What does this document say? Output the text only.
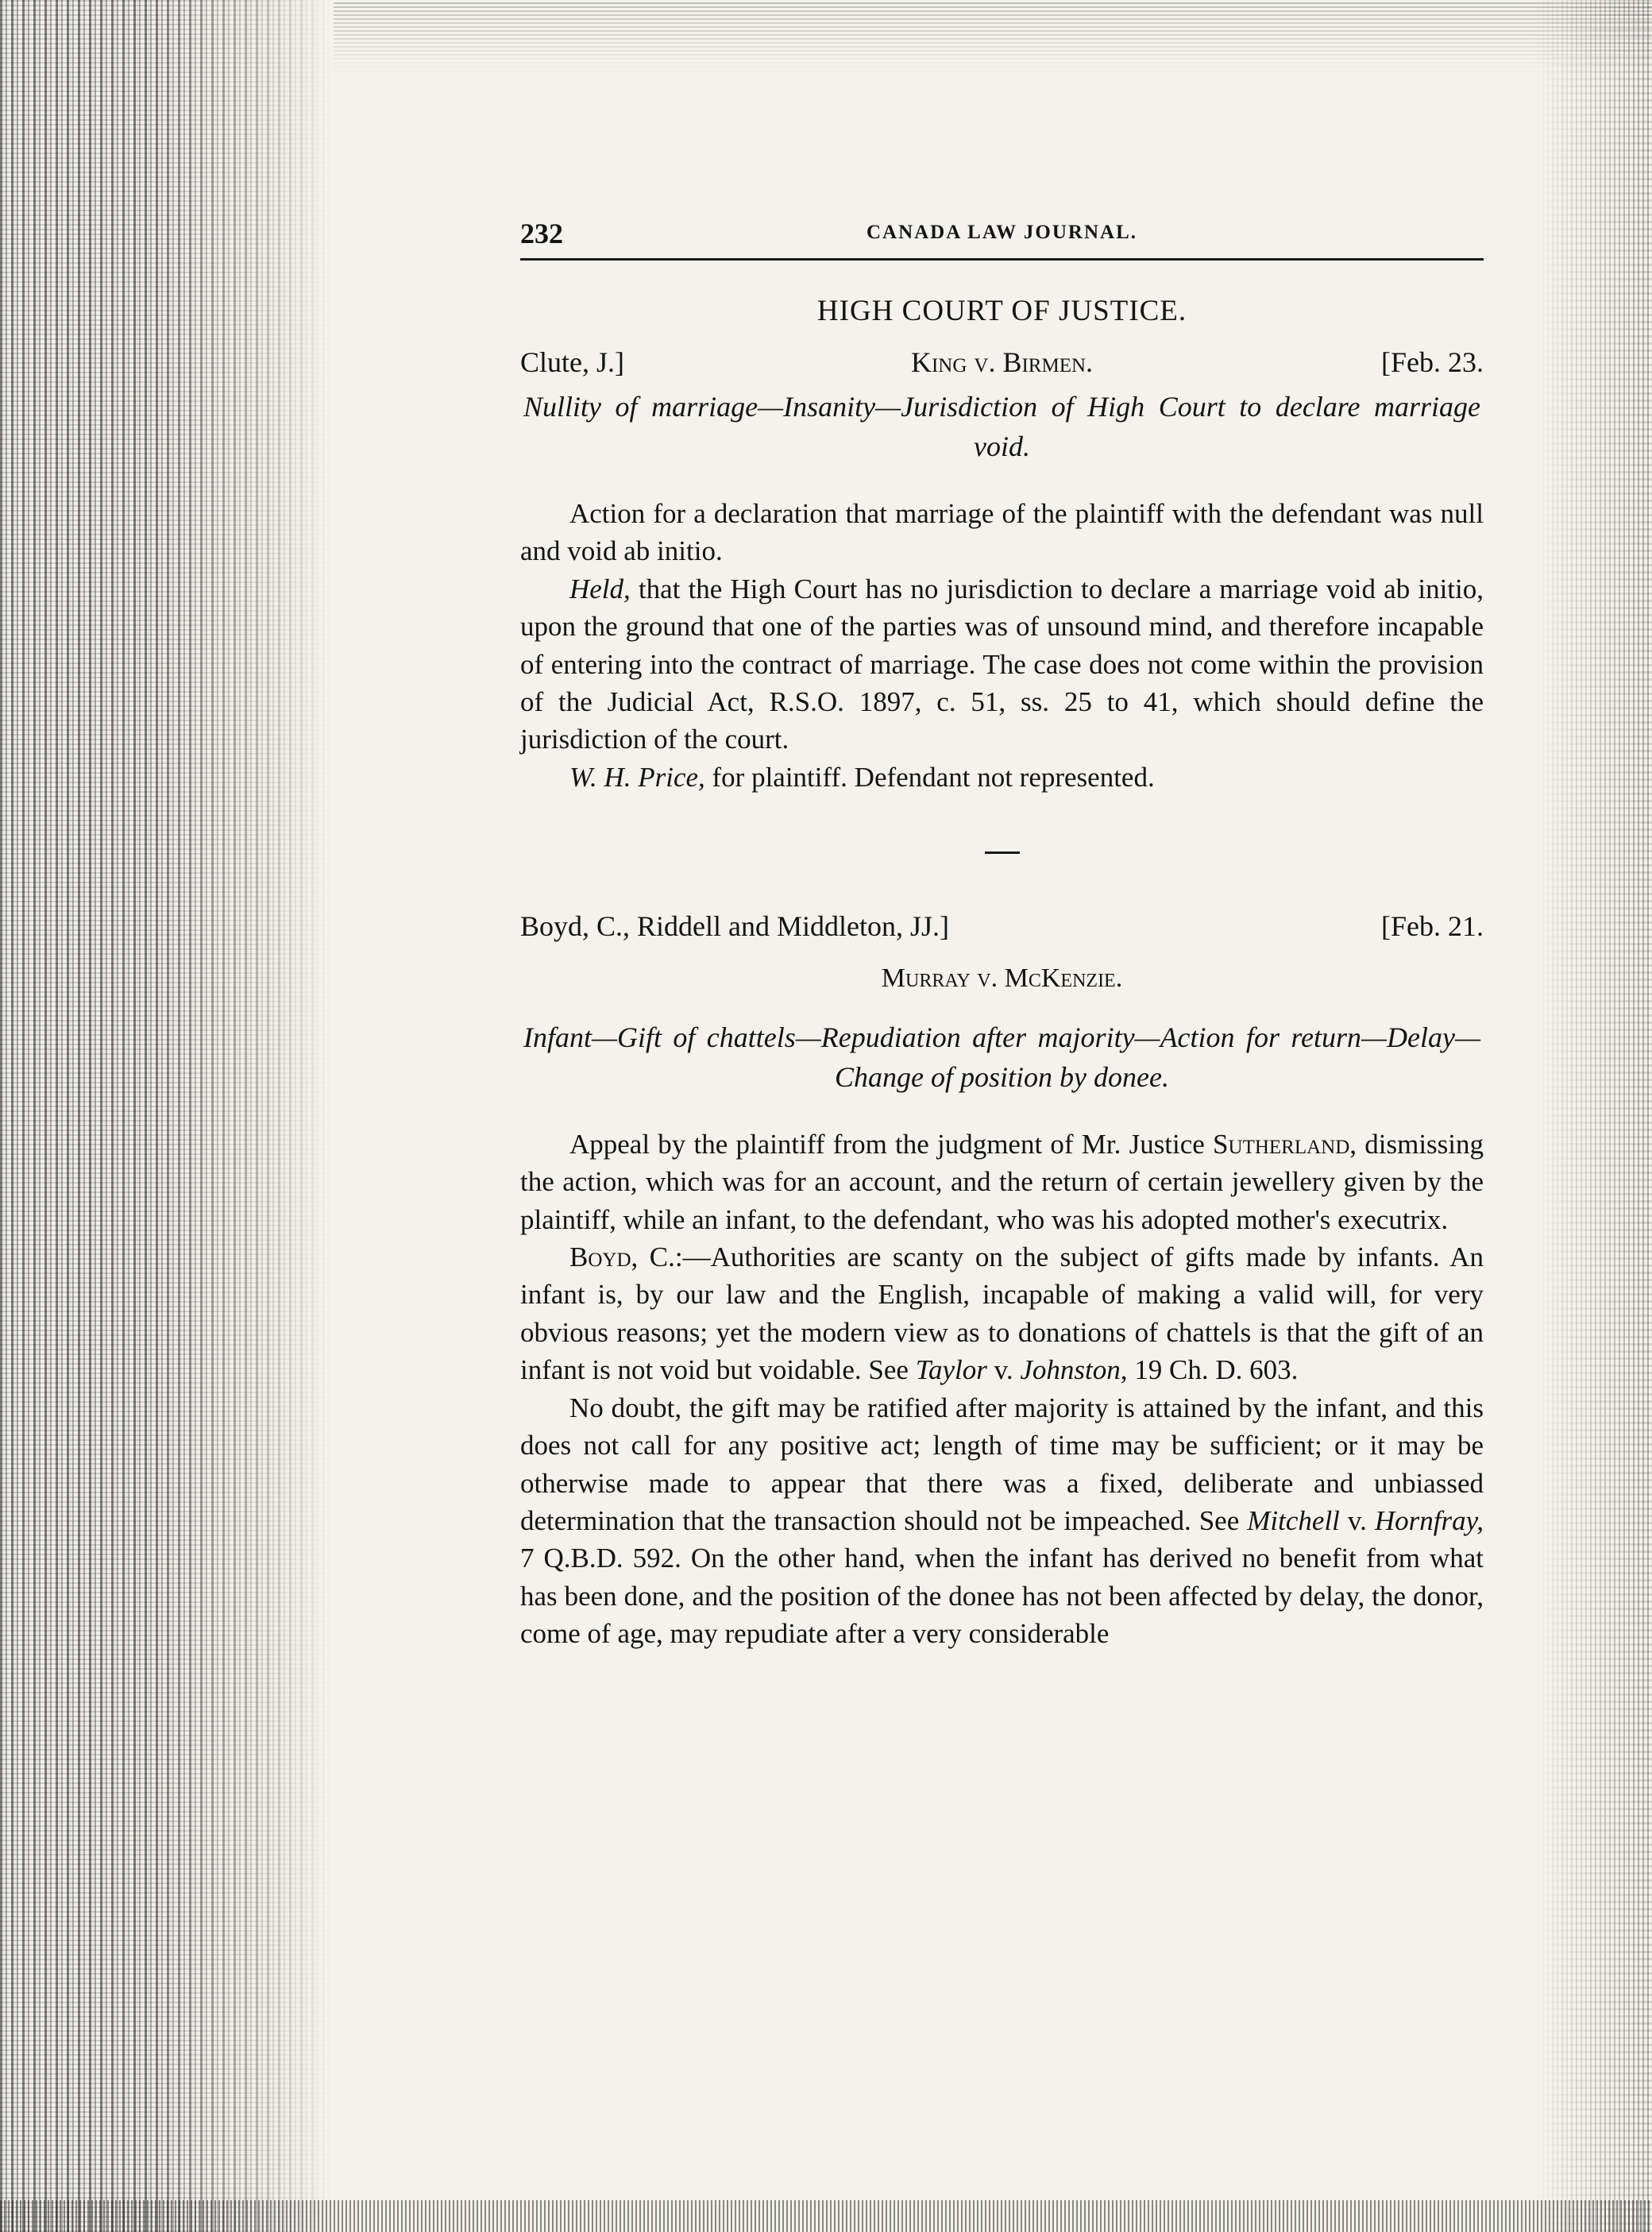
232	CANADA LAW JOURNAL.
HIGH COURT OF JUSTICE.
Clute, J.]	King v. Birmen.	[Feb. 23.

Nullity of marriage—Insanity—Jurisdiction of High Court to declare marriage void.

Action for a declaration that marriage of the plaintiff with the defendant was null and void ab initio.

Held, that the High Court has no jurisdiction to declare a marriage void ab initio, upon the ground that one of the parties was of unsound mind, and therefore incapable of entering into the contract of marriage. The case does not come within the provision of the Judicial Act, R.S.O. 1897, c. 51, ss. 25 to 41, which should define the jurisdiction of the court.

W. H. Price, for plaintiff. Defendant not represented.

Boyd, C., Riddell and Middleton, JJ.]	[Feb. 21.
Murray v. McKenzie.

Infant—Gift of chattels—Repudiation after majority—Action for return—Delay—Change of position by donee.

Appeal by the plaintiff from the judgment of Mr. Justice Sutherland, dismissing the action, which was for an account, and the return of certain jewellery given by the plaintiff, while an infant, to the defendant, who was his adopted mother's executrix.

Boyd, C.:—Authorities are scanty on the subject of gifts made by infants. An infant is, by our law and the English, incapable of making a valid will, for very obvious reasons; yet the modern view as to donations of chattels is that the gift of an infant is not void but voidable. See Taylor v. Johnston, 19 Ch. D. 603.

No doubt, the gift may be ratified after majority is attained by the infant, and this does not call for any positive act; length of time may be sufficient; or it may be otherwise made to appear that there was a fixed, deliberate and unbiassed determination that the transaction should not be impeached. See Mitchell v. Hornfray, 7 Q.B.D. 592. On the other hand, when the infant has derived no benefit from what has been done, and the position of the donee has not been affected by delay, the donor, come of age, may repudiate after a very considerable
